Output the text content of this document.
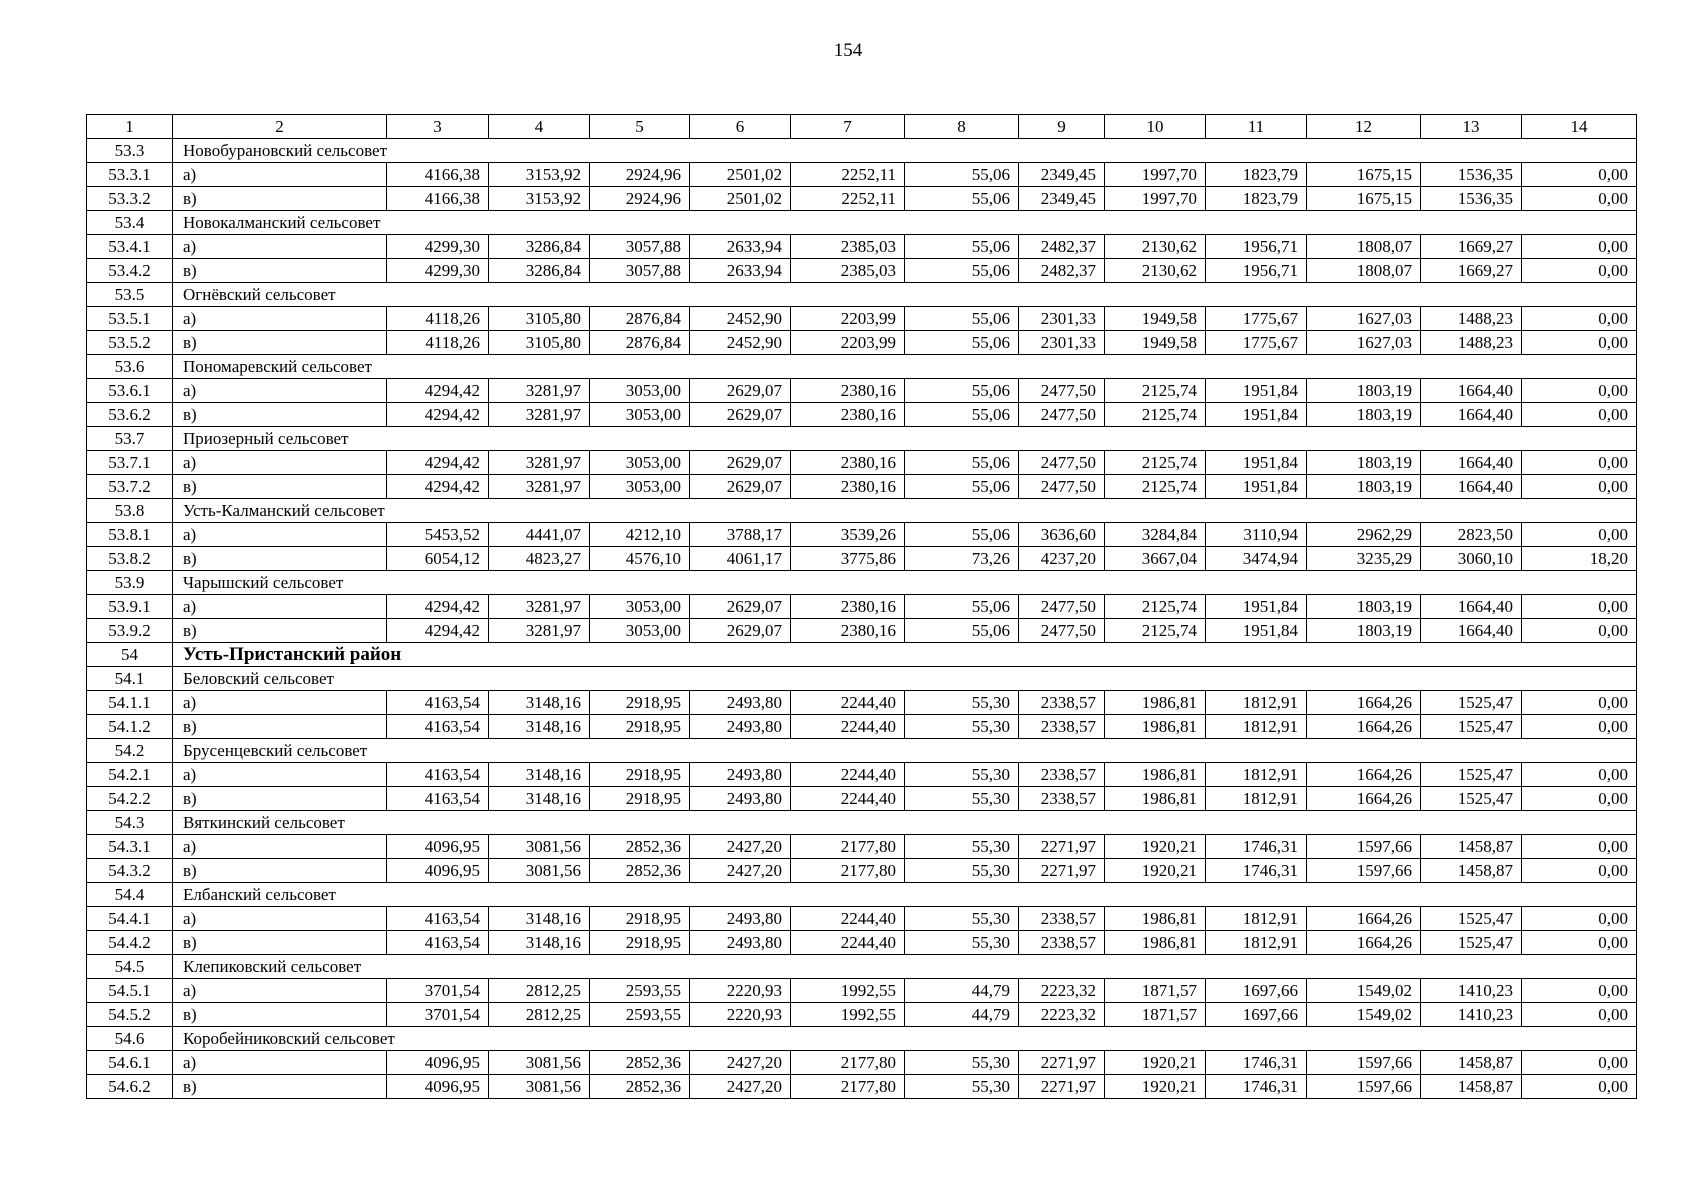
154
1	2	3	4	5	6	7	8	9	10	11	12	13	14
53.3	Новобурановский сельсовет												
53.3.1	а)	4166,38	3153,92	2924,96	2501,02	2252,11	55,06	2349,45	1997,70	1823,79	1675,15	1536,35	0,00
53.3.2	в)	4166,38	3153,92	2924,96	2501,02	2252,11	55,06	2349,45	1997,70	1823,79	1675,15	1536,35	0,00
53.4	Новокалманский сельсовет												
53.4.1	а)	4299,30	3286,84	3057,88	2633,94	2385,03	55,06	2482,37	2130,62	1956,71	1808,07	1669,27	0,00
53.4.2	в)	4299,30	3286,84	3057,88	2633,94	2385,03	55,06	2482,37	2130,62	1956,71	1808,07	1669,27	0,00
53.5	Огнёвский сельсовет												
53.5.1	а)	4118,26	3105,80	2876,84	2452,90	2203,99	55,06	2301,33	1949,58	1775,67	1627,03	1488,23	0,00
53.5.2	в)	4118,26	3105,80	2876,84	2452,90	2203,99	55,06	2301,33	1949,58	1775,67	1627,03	1488,23	0,00
53.6	Пономаревский сельсовет												
53.6.1	а)	4294,42	3281,97	3053,00	2629,07	2380,16	55,06	2477,50	2125,74	1951,84	1803,19	1664,40	0,00
53.6.2	в)	4294,42	3281,97	3053,00	2629,07	2380,16	55,06	2477,50	2125,74	1951,84	1803,19	1664,40	0,00
53.7	Приозерный сельсовет												
53.7.1	а)	4294,42	3281,97	3053,00	2629,07	2380,16	55,06	2477,50	2125,74	1951,84	1803,19	1664,40	0,00
53.7.2	в)	4294,42	3281,97	3053,00	2629,07	2380,16	55,06	2477,50	2125,74	1951,84	1803,19	1664,40	0,00
53.8	Усть-Калманский сельсовет												
53.8.1	а)	5453,52	4441,07	4212,10	3788,17	3539,26	55,06	3636,60	3284,84	3110,94	2962,29	2823,50	0,00
53.8.2	в)	6054,12	4823,27	4576,10	4061,17	3775,86	73,26	4237,20	3667,04	3474,94	3235,29	3060,10	18,20
53.9	Чарышский сельсовет												
53.9.1	а)	4294,42	3281,97	3053,00	2629,07	2380,16	55,06	2477,50	2125,74	1951,84	1803,19	1664,40	0,00
53.9.2	в)	4294,42	3281,97	3053,00	2629,07	2380,16	55,06	2477,50	2125,74	1951,84	1803,19	1664,40	0,00
54	Усть-Пристанский район												
54.1	Беловский сельсовет												
54.1.1	а)	4163,54	3148,16	2918,95	2493,80	2244,40	55,30	2338,57	1986,81	1812,91	1664,26	1525,47	0,00
54.1.2	в)	4163,54	3148,16	2918,95	2493,80	2244,40	55,30	2338,57	1986,81	1812,91	1664,26	1525,47	0,00
54.2	Брусенцевский сельсовет												
54.2.1	а)	4163,54	3148,16	2918,95	2493,80	2244,40	55,30	2338,57	1986,81	1812,91	1664,26	1525,47	0,00
54.2.2	в)	4163,54	3148,16	2918,95	2493,80	2244,40	55,30	2338,57	1986,81	1812,91	1664,26	1525,47	0,00
54.3	Вяткинский сельсовет												
54.3.1	а)	4096,95	3081,56	2852,36	2427,20	2177,80	55,30	2271,97	1920,21	1746,31	1597,66	1458,87	0,00
54.3.2	в)	4096,95	3081,56	2852,36	2427,20	2177,80	55,30	2271,97	1920,21	1746,31	1597,66	1458,87	0,00
54.4	Елбанский сельсовет												
54.4.1	а)	4163,54	3148,16	2918,95	2493,80	2244,40	55,30	2338,57	1986,81	1812,91	1664,26	1525,47	0,00
54.4.2	в)	4163,54	3148,16	2918,95	2493,80	2244,40	55,30	2338,57	1986,81	1812,91	1664,26	1525,47	0,00
54.5	Клепиковский сельсовет												
54.5.1	а)	3701,54	2812,25	2593,55	2220,93	1992,55	44,79	2223,32	1871,57	1697,66	1549,02	1410,23	0,00
54.5.2	в)	3701,54	2812,25	2593,55	2220,93	1992,55	44,79	2223,32	1871,57	1697,66	1549,02	1410,23	0,00
54.6	Коробейниковский сельсовет												
54.6.1	а)	4096,95	3081,56	2852,36	2427,20	2177,80	55,30	2271,97	1920,21	1746,31	1597,66	1458,87	0,00
54.6.2	в)	4096,95	3081,56	2852,36	2427,20	2177,80	55,30	2271,97	1920,21	1746,31	1597,66	1458,87	0,00
